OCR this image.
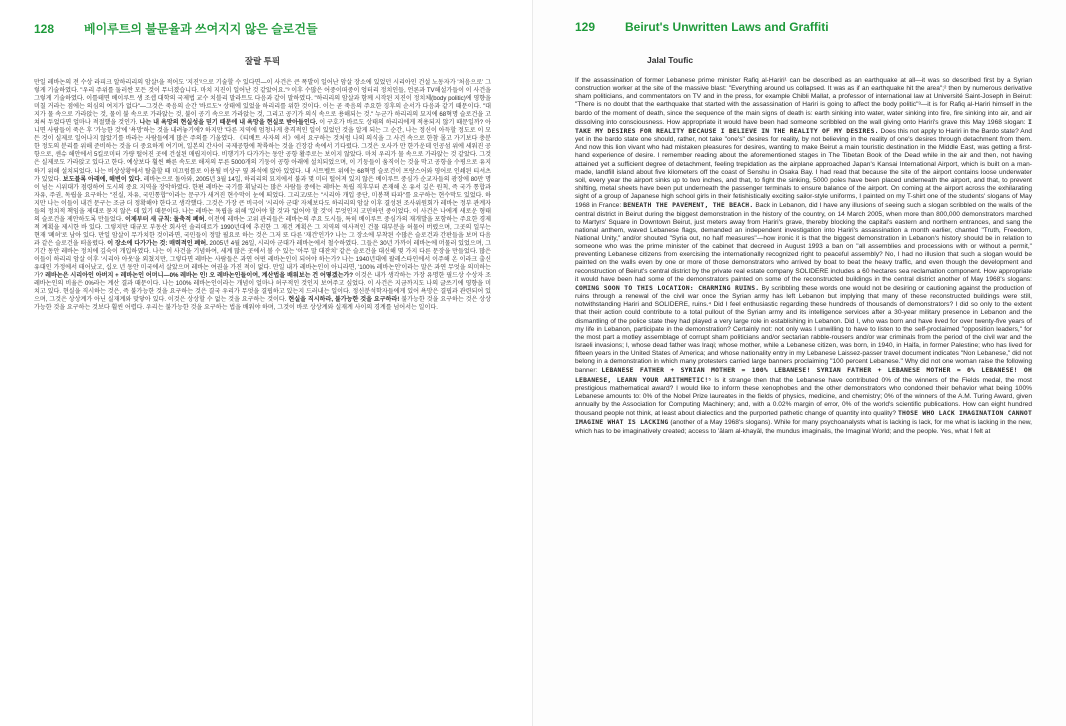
128	베이루트의 불문율과 쓰여지지 않은 슬로건들
잘랄 투픽

만일 레바논의 전 수상 라피크 알하리리의 암살¹을 적어도 '지진'²으로 기술할 수 있다면—이 사건은 큰 폭발이 일어난 암살 장소에 있었던 시리아인 건설 노동자가 '처음으로' 그렇게 기술하였다. "우리 주위를 둘러싼 모든 것이 무너졌습니다. 마치 지진이 일어난 것 같았어요."³ 이후 수많은 어중이떠중이 엉터리 정치인들, 언론과 TV해설가들이 이 사건을 그렇게 기술하였다. 이틀테면 베이루트 생 조셉 대학의 국제법 교수 치블리 말라트도 다음과 같이 말하였다. "하리리의 암살과 함께 시작된 지진이 정치체(body politic)에 영향을 미칠 거라는 점에는 의심의 여지가 없다"—그것은 죽음의 순간 '바르도'⁴ 상태에 있었을 하리리를 위한 것이다. 이는 곧 죽음의 주요한 징후의 순서가 다음과 같기 때문이다. "대지가 물 속으로 가라앉는 것, 물이 불 속으로 가라앉는 것, 불이 공기 속으로 가라앉는 것, 그리고 공기가 의식 속으로 용해되는 것." 누군가 하리리의 묘지에 68혁명 슬로건을 고쳐써 두었다면 얼마나 적절했을 것인가. 나는 내 욕망의 현실성을 믿기 때문에 내 욕망을 현실로 받아들인다. 이 구호가 바르도 상태의 하리리에게 적용되지 않기 때문일까? 아니면 사람들이 죽은 후 '가능한 것'에 '욕망'하는 것을 내려놓기에? 하지만 '다른 지역에 엄청나게 충격적인 일이 있었던 것을 알게 되는 그 순간, 나는 정신이 아득할 정도로 이 모든 것이 실제로 일어나지 않았기를 바라는 사람들에게 많은 주의를 기울였다. 《티베트 사자의 서》에서 요구하는 것처럼 나의 의식을 그 사건 속으로 한참 몰고 가기보다 충분한 정도의 분리를 위해 준비하는 것을 더 중요하게 여기며, 일본의 간사이 국제공항에 착륙하는 것을 긴장감 속에서 기다렸다. 그것은 오사카 만 한가운데 인공섬 위에 세워진 공항으로, 센슈 해안에서 5킬로미터 가량 떨어진 곳에 건설된 매립지이다. 비행기가 다가가는 동안 공항 활주로는 보이지 않았다. 마치 우리가 물 속으로 가라앉는 것 같았다. 그것은 실제로도 가라앉고 있다고 한다. 예상보다 훨씬 빠른 속도로 해저의 무른 5000개의 기둥이 공항 아래에 설치되었으며, 이 기둥들이 움직이는 것을 막고 공항을 수평으로 유지하기 위해 설치되었다. 나는 비상상황에서 탈출할 때 미끄럼틀로 이용될 비상구 옆 좌석에 앉아 있었다. 내 시트벨트 위에는 68혁명 슬로건이 프랑스어와 영어로 인쇄된 티셔츠가 있었다. 보도블록 아래에, 해변이 있다. 레바논으로 돌아와, 2005년 3월 14일, 하리리의 묘지에서 불과 몇 미터 떨어져 있지 않은 베이루트 중심가 순교자들의 광장에 80만 명이 넘는 시위대가 점령하여 도시의 중요 지역을 장악하였다. 한편 레바논 국기를 휘날리는 많은 사람들 중에는 레바논 독립 직후부터 존재해 온 유서 깊은 원칙, 즉 국가 통합과 자유, 주권, 독립을 요구하는 "진실, 자유, 국민통합"이라는 문구가 새겨진 현수막이 눈에 띄었다. 그리고/또는 "시리아 개입 중단, 미봉책 타파"를 요구하는 현수막도 있었다. 하지만 나는 이들이 내건 문구는 조금 더 정확해야 한다고 생각했다. 그것은 가장 큰 비극이 '시리아 군대' 자체보다도 하리리의 암살 이후 결성된 조사위원회가 레바논 정부 관계자들의 정치적 책임을 제대로 묻지 않은 데 있기 때문이다. 나는 레바논 독립을 위해 '있어야 할 것'과 '없어야 할 것'이 무엇인지 고민하던 중이었다. 이 사건은 나에게 새로운 형태의 슬로건을 제안하도록 만들었다. 이제부터 새 규칙: 돌축적 폐허. 이전에 레바논 고위 관리들은 레바논의 주요 도시들, 특히 베이루트 중심가의 재개발을 포함하는 주요한 경제적 계획을 제시한 바 있다. 그렇지만 대규모 부동산 회사인 솔리데르가 1990년대에 추진한 그 재건 계획은 그 지역의 역사적인 건물 대부분을 허물어 버렸으며, 그곳의 일부는 현재 '폐허'로 남아 있다. 만일 암살이 무가치한 것이라면, 국민들이 정말 필요로 하는 것은 그저 또 다른 '재건'인가? 나는 그 장소에 부착된 수많은 슬로건과 간판들을 보며 다음과 같은 슬로건을 떠올렸다. 이 장소에 다가가는 것: 매력적인 폐허. 2005년 4월 26일, 시리아 군대가 레바논에서 철수하였다. 그들은 30년 가까이 레바논에 머물러 있었으며, 그 기간 동안 레바논 정치에 깊숙이 개입하였다. 나는 이 사건을 기념하여, 세계 많은 곳에서 볼 수 있는 '아무 말 대잔치' 같은 슬로건을 대신해 몇 가지 다른 문장을 만들었다. 많은 이들이 하리리 암살 이후 '시리아 아웃'을 외쳤지만, 그렇다면 레바논 사람들은 과연 어떤 레바논인이 되어야 하는가? 나는 1940년대에 팔레스타인에서 이주해 온 이라크 출신 유대인 가정에서 태어났고, 십오 년 동안 미국에서 살았으며 레바논 여권을 가진 적이 없다. 만일 내가 레바논인이 아니라면, '100% 레바논인'이라는 말은 과연 무엇을 의미하는가? 레바논은 시리아인 아버지 + 레바논인 어머니—0% 레바논 인! 오 레바논인들이여, 계산법을 배워보는 건 어떻겠는가? 이것은 내가 생각하는 가장 유명한 필드상 수상자 조 레바논인의 비율은 0%라는 계산 결과 때문이다. 나는 100% 레바논인이라는 개념이 얼마나 허구적인 것인지 보여주고 싶었다. 이 사건은 지금까지도 나의 글쓰기에 영향을 미치고 있다. 현실을 직시하는 것은, 즉 불가능한 것을 요구하는 것은 결국 우리가 무엇을 결핍하고 있는지 드러내는 일이다. 정신분석학자들에게 있어 욕망은 결핍과 관련되어 있으며, 그것은 상상계가 아닌 실재계와 맞닿아 있다. 이것은 상상할 수 없는 것을 요구하는 것이다. 현실을 직시하라, 불가능한 것을 요구하라! 불가능한 것을 요구하는 것은 상상 가능한 것을 요구하는 것보다 훨씬 어렵다. 우리는 불가능한 것을 요구하는 법을 배워야 하며, 그것이 바로 상상계와 실재계 사이의 경계를 넘어서는 일이다.

129	Beirut's Unwritten Laws and Graffiti
Jalal Toufic

If the assassination of former Lebanese prime minister Rafiq al-Hariri¹ can be described as an earthquake at all—it was so described first by a Syrian construction worker at the site of the massive blast: "Everything around us collapsed. It was as if an earthquake hit the area";² then by numerous derivative sham politicians, and commentators on TV and in the press, for example Chibli Mallat, a professor of international law at Université Saint-Joseph in Beirut: "There is no doubt that the earthquake that started with the assassination of Hariri is going to affect the body politic"³—it is for Rafiq al-Hariri himself in the bardo of the moment of death, since the sequence of the main signs of death is: earth sinking into water, water sinking into fire, fire sinking into air, and air dissolving into consciousness. How appropriate it would have been had someone scribbled on the wall giving onto Hariri's grave this May 1968 slogan: I TAKE MY DESIRES FOR REALITY BECAUSE I BELIEVE IN THE REALITY OF MY DESIRES. Does this not apply to Hariri in the Bardo state? And yet in the bardo state one should, rather, not take "one's" desires for reality, by not believing in the reality of one's desires through detachment from them. And now this lion vivant who had mistaken pleasures for desires, wanting to make Beirut a main touristic destination in the Middle East, was getting a first-hand experience of desire. I remember reading about the aforementioned stages in The Tibetan Book of the Dead while in the air and then, not having attained yet a sufficient degree of detachment, feeling trepidation as the airplane approached Japan's Kansai International Airport, which is built on a man-made, landfill island about five kilometers off the coast of Senshu in Osaka Bay. I had read that because the site of the airport contains loose underwater soil, every year the airport sinks up to two inches, and that, to fight the sinking, 5000 poles have been placed underneath the airport, and that, to prevent shifting, metal sheets have been put underneath the passenger terminals to ensure balance of the airport. On coming at the airport across the exhilarating sight of a group of Japanese high school girls in their fetishistically exciting sailor-style uniforms, I painted on my T-shirt one of the students' slogans of May 1968 in France: BENEATH THE PAVEMENT, THE BEACH. Back in Lebanon, did I have any illusions of seeing such a slogan scribbled on the walls of the central district in Beirut during the biggest demonstration in the history of the country, on 14 March 2005, when more than 800,000 demonstrators marched to Martyrs' Square in Downtown Beirut, just meters away from Hariri's grave, thereby blocking the capital's eastern and northern entrances, and sang the national anthem, waved Lebanese flags, demanded an independent investigation into Hariri's assassination a month earlier, chanted "Truth, Freedom, National Unity," and/or shouted "Syria out, no half measures"—how ironic it is that the biggest demonstration in Lebanon's history should be in relation to someone who was the prime minister of the cabinet that decreed in August 1993 a ban on "all assemblies and processions with or without a permit," preventing Lebanese citizens from exercising the internationally recognized right to peaceful assembly? No, I had no illusion that such a slogan would be painted on the walls even by one or more of those demonstrators who arrived by boat to beat the heavy traffic, and even though the development and reconstruction of Beirut's central district by the private real estate company SOLIDERE includes a 60 hectares sea reclamation component. How appropriate it would have been had some of the demonstrators painted on some of the reconstructed buildings in the central district another of May 1968's slogans: COMING SOON TO THIS LOCATION: CHARMING RUINS. By scribbling these words one would not be desiring or cautioning against the production of ruins through a renewal of the civil war once the Syrian army has left Lebanon but implying that many of these reconstructed buildings were still, notwithstanding Hariri and SOLIDERE, ruins.⁴ Did I feel enthusiastic regarding these hundreds of thousands of demonstrators? I did so only to the extent that their action could contribute to a total pullout of the Syrian army and its intelligence services after a 30-year military presence in Lebanon and the dismantling of the police state they had played a very large role in establishing in Lebanon. Did I, who was born and have lived for over twenty-five years of my life in Lebanon, participate in the demonstration? Certainly not: not only was I unwilling to have to listen to the self-proclaimed "opposition leaders," for the most part a motley assemblage of corrupt sham politicians and/or sectarian rabble-rousers and/or war criminals from the period of the civil war and the Israeli invasions; I, whose dead father was Iraqi; whose mother, while a Lebanese citizen, was born, in 1940, in Haifa, in former Palestine; who has lived for fifteen years in the United States of America; and whose nationality entry in my Lebanese Laissez-passer travel document indicates "Non Lebanese," did not belong in a demonstration in which many protesters carried large banners proclaiming "100 percent Lebanese." Why did not one woman raise the following banner: LEBANESE FATHER + SYRIAN MOTHER = 100% LEBANESE! SYRIAN FATHER + LEBANESE MOTHER = 0% LEBANESE! OH LEBANESE, LEARN YOUR ARITHMETIC!⁵ Is it strange then that the Lebanese have contributed 0% of the winners of the Fields medal, the most prestigious mathematical award? I would like to inform these xenophobes and the other demonstrators who condoned their behavior what being 100% Lebanese amounts to: 0% of the Nobel Prize laureates in the fields of physics, medicine, and chemistry; 0% of the winners of the A.M. Turing Award, given annually by the Association for Computing Machinery; and, with a 0.02% margin of error, 0% of the world's scientific publications. How can eight hundred thousand people not think, at least about dialectics and the purported pathetic change of quantity into quality? THOSE WHO LACK IMAGINATION CANNOT IMAGINE WHAT IS LACKING (another of a May 1968's slogans). While for many psychoanalysts what is lacking is lack, for me what is lacking in the new, which has to be imaginatively created; access to 'ālam al-khayāl, the mundus imaginalis, the Imaginal World; and the people. Yes, what I felt at
